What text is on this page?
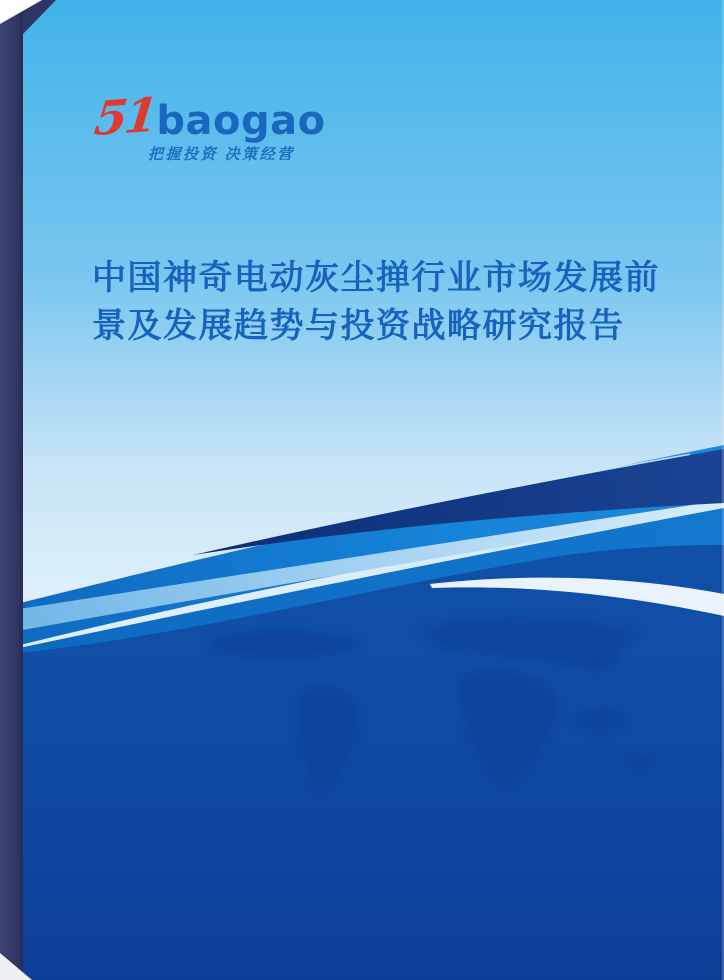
51
baogao
把握投资 决策经营
中国神奇电动灰尘掸行业市场发展前
景及发展趋势与投资战略研究报告
